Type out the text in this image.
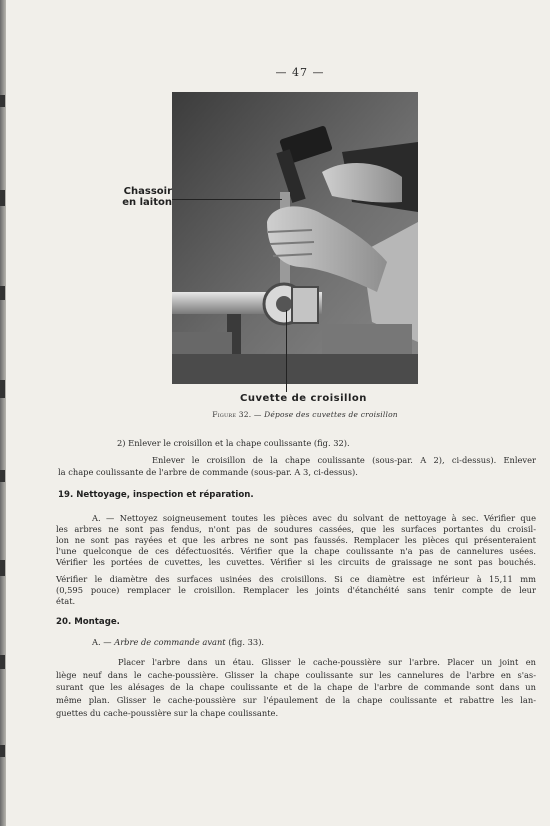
— 47 —
Chassoir
en laiton
Cuvette de croisillon
Figure 32. — Dépose des cuvettes de croisillon
2) Enlever le croisillon et la chape coulissante (fig. 32).
Enlever le croisillon de la chape coulissante (sous-par. A 2), ci-dessus). Enlever
la chape coulissante de l'arbre de commande (sous-par. A 3, ci-dessus).
19. Nettoyage, inspection et réparation.
A. — Nettoyez soigneusement toutes les pièces avec du solvant de nettoyage à sec. Vérifier que
les arbres ne sont pas fendus, n'ont pas de soudures cassées, que les surfaces portantes du croisil-
lon ne sont pas rayées et que les arbres ne sont pas faussés. Remplacer les pièces qui présenteraient
l'une quelconque de ces défectuosités. Vérifier que la chape coulissante n'a pas de cannelures usées.
Vérifier les portées de cuvettes, les cuvettes. Vérifier si les circuits de graissage ne sont pas bouchés.
Vérifier le diamètre des surfaces usinées des croisillons. Si ce diamètre est inférieur à 15,11 mm
(0,595 pouce) remplacer le croisillon. Remplacer les joints d'étanchéité sans tenir compte de leur
état.
20. Montage.
A. — Arbre de commande avant (fig. 33).
Placer l'arbre dans un étau. Glisser le cache-poussière sur l'arbre. Placer un joint en
liège neuf dans le cache-poussière. Glisser la chape coulissante sur les cannelures de l'arbre en s'as-
surant que les alésages de la chape coulissante et de la chape de l'arbre de commande sont dans un
même plan. Glisser le cache-poussière sur l'épaulement de la chape coulissante et rabattre les lan-
guettes du cache-poussière sur la chape coulissante.
